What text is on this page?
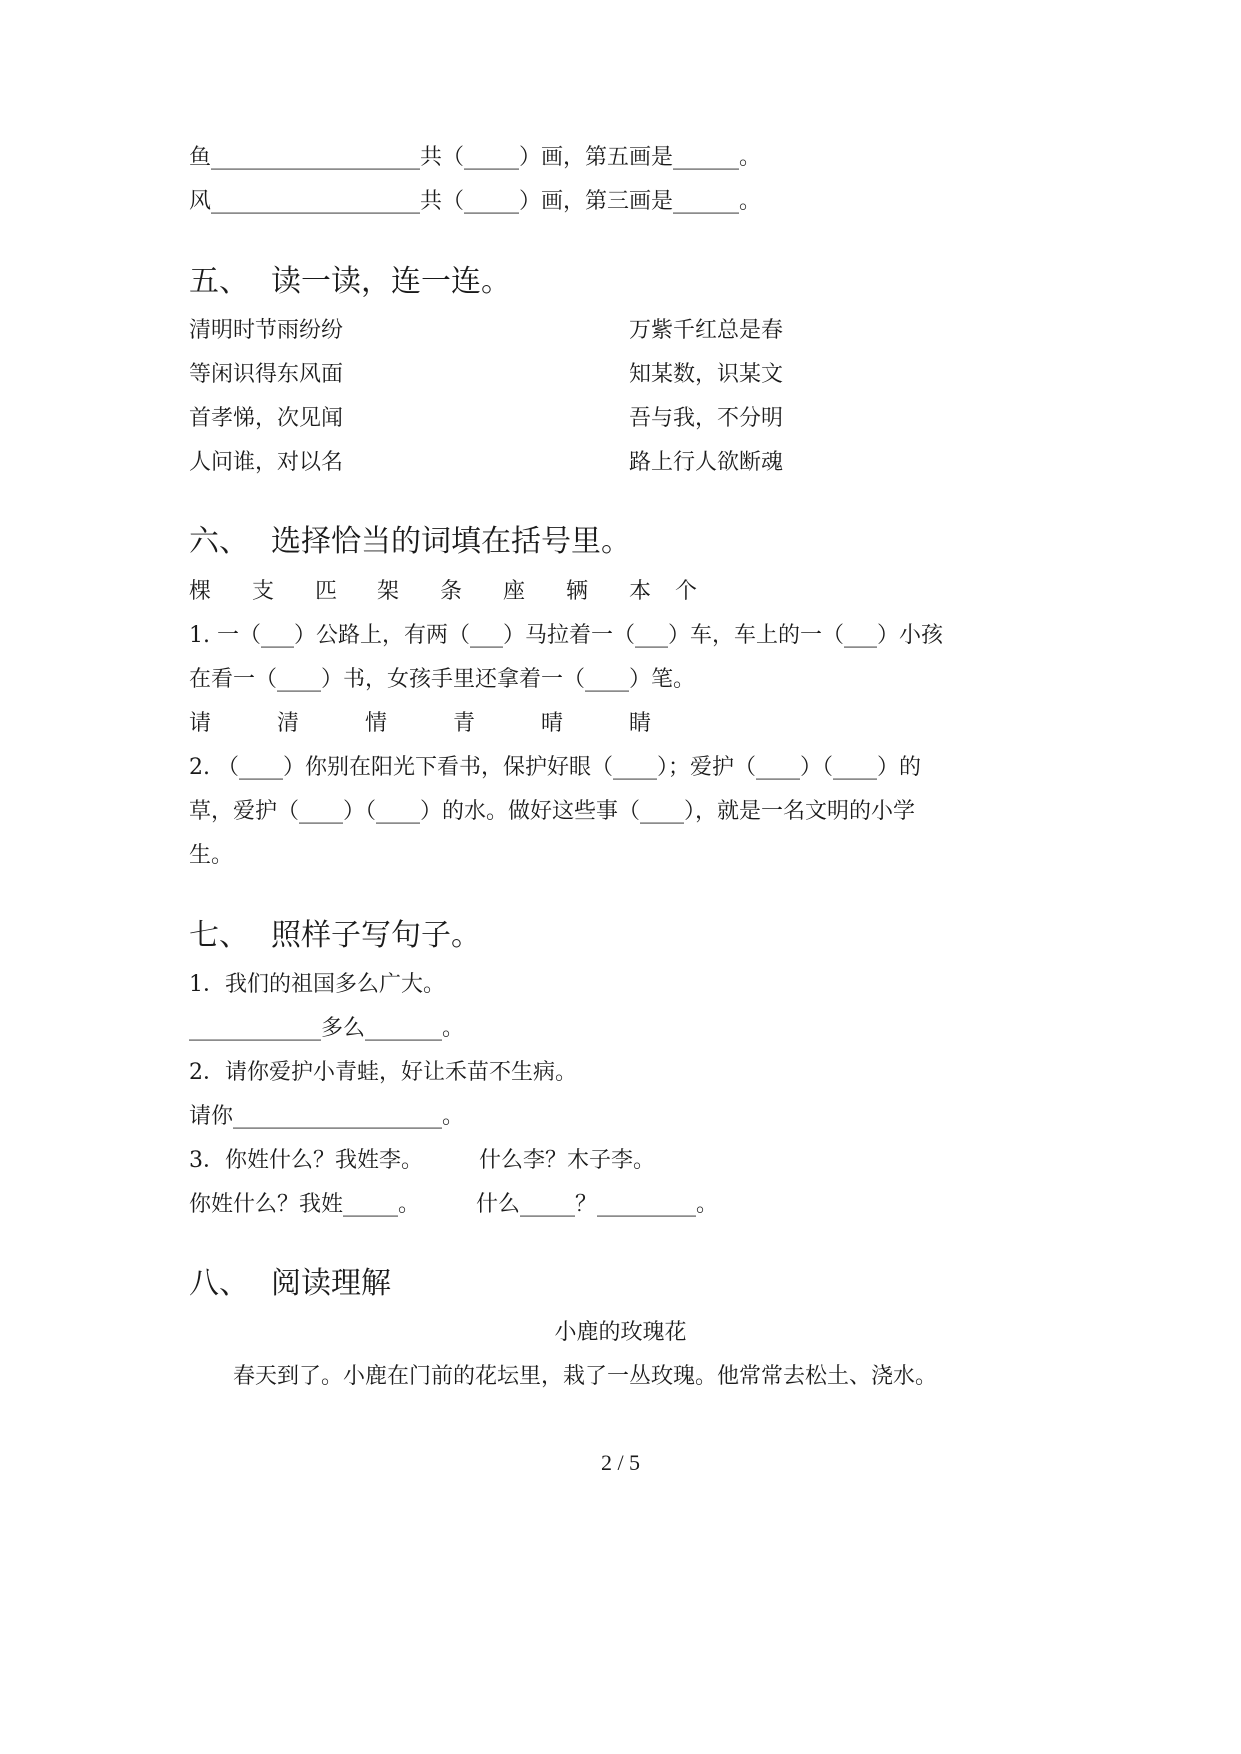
鱼___________________共（_____）画，第五画是______。
风___________________共（_____）画，第三画是______。
五、 读一读，连一连。
清明时节雨纷纷
等闲识得东风面
首孝悌，次见闻
人问谁，对以名
万紫千红总是春
知某数，识某文
吾与我，不分明
路上行人欲断魂
六、 选择恰当的词填在括号里。

棵

支

匹

架

条

座

辆

本

个

1. 一（___）公路上，有两（___）马拉着一（___）车，车上的一（___）小孩
在看一（____）书，女孩手里还拿着一（____）笔。

请

	清

	情

	青

	晴

	睛

2. （____）你别在阳光下看书，保护好眼（____）；爱护（____）（____）的
草，爱护（____）（____）的水。做好这些事（____），就是一名文明的小学
生。
七、 照样子写句子。
1．我们的祖国多么广大。
____________多么_______。
2．请你爱护小青蛙，好让禾苗不生病。
请你___________________。
3．你姓什么？我姓李。        什么李？木子李。
你姓什么？我姓_____。        什么_____？_________。
八、 阅读理解
小鹿的玫瑰花
春天到了。小鹿在门前的花坛里，栽了一丛玫瑰。他常常去松土、浇水。
2 / 5
